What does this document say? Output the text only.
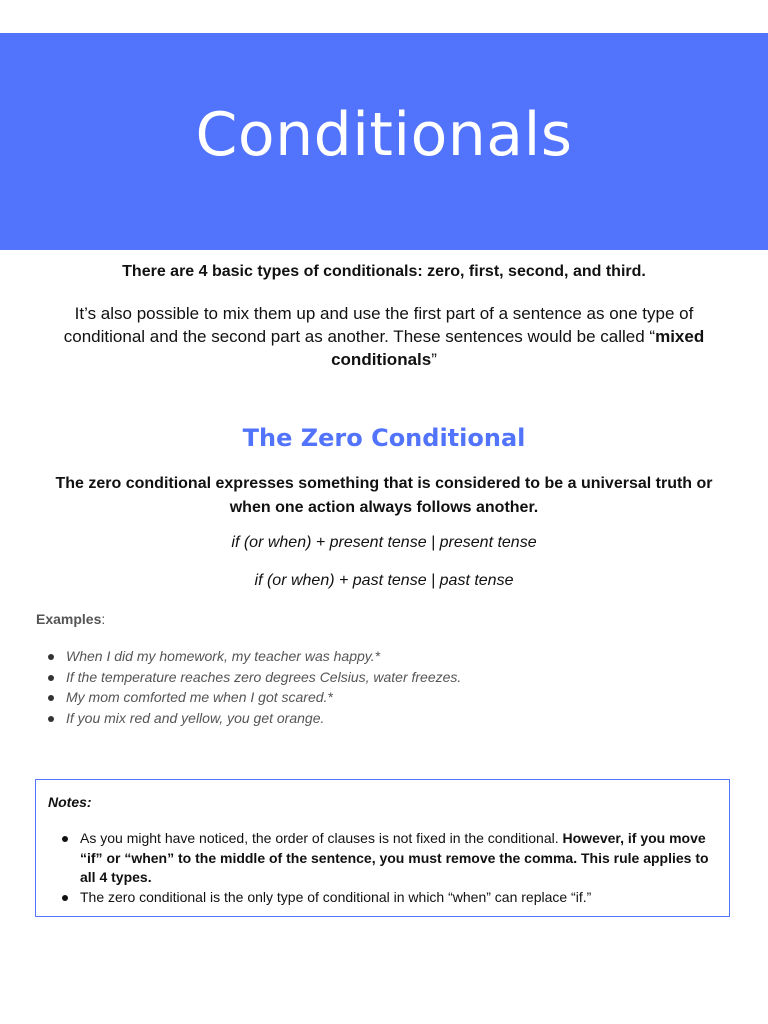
Conditionals
There are 4 basic types of conditionals: zero, first, second, and third.
It’s also possible to mix them up and use the first part of a sentence as one type of conditional and the second part as another. These sentences would be called “mixed conditionals”
The Zero Conditional
The zero conditional expresses something that is considered to be a universal truth or when one action always follows another.
if (or when) + present tense | present tense
if (or when) + past tense | past tense
Examples:
When I did my homework, my teacher was happy.*
If the temperature reaches zero degrees Celsius, water freezes.
My mom comforted me when I got scared.*
If you mix red and yellow, you get orange.
Notes:
As you might have noticed, the order of clauses is not fixed in the conditional. However, if you move “if” or “when” to the middle of the sentence, you must remove the comma. This rule applies to all 4 types.
The zero conditional is the only type of conditional in which “when” can replace “if.”
